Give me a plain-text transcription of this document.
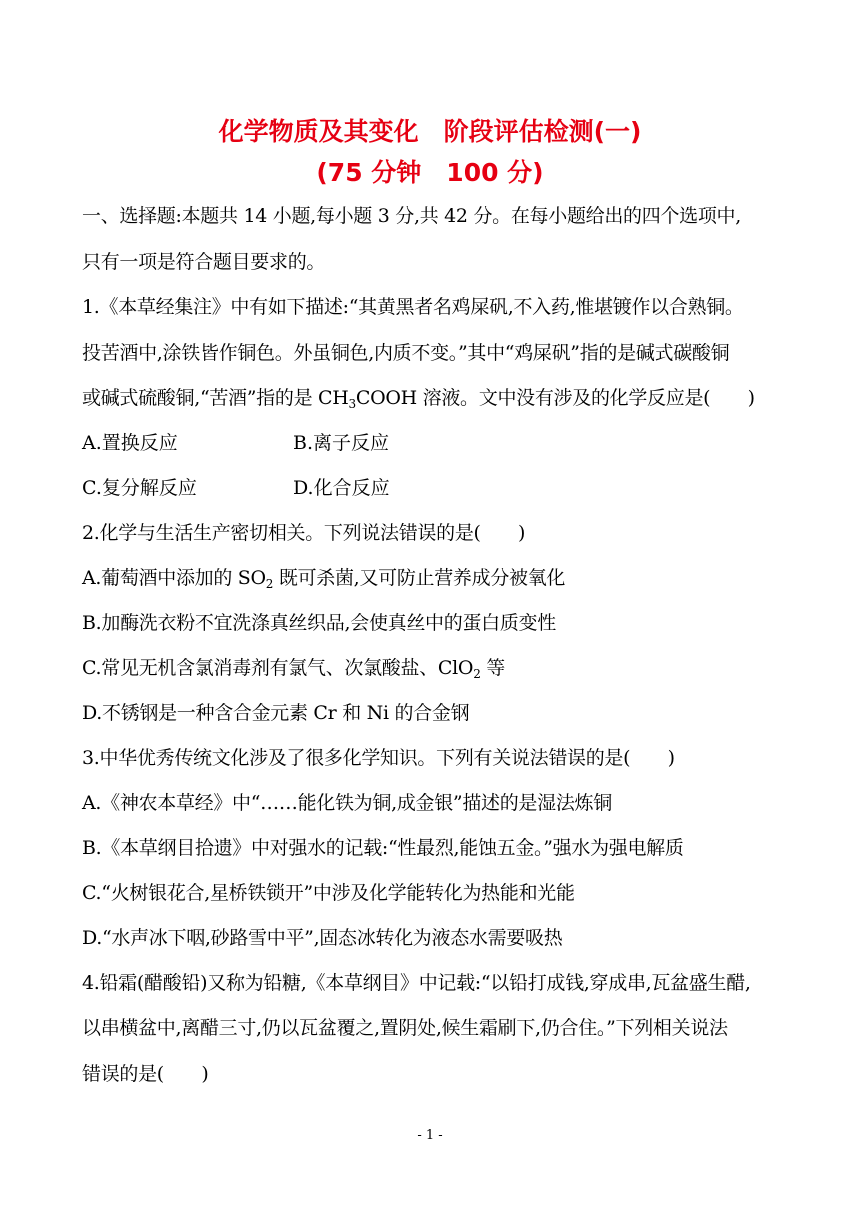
化学物质及其变化　阶段评估检测(一)
(75 分钟　100 分)
一、选择题:本题共 14 小题,每小题 3 分,共 42 分。在每小题给出的四个选项中,
只有一项是符合题目要求的。
1.《本草经集注》中有如下描述:“其黄黑者名鸡屎矾,不入药,惟堪镀作以合熟铜。
投苦酒中,涂铁皆作铜色。外虽铜色,内质不变。”其中“鸡屎矾”指的是碱式碳酸铜
或碱式硫酸铜,“苦酒”指的是 $CH_3COOH$ 溶液。文中没有涉及的化学反应是(　　)
A.置换反应	B.离子反应
C.复分解反应	D.化合反应
2.化学与生活生产密切相关。下列说法错误的是(　　)
A.葡萄酒中添加的 $SO_2$ 既可杀菌,又可防止营养成分被氧化
B.加酶洗衣粉不宜洗涤真丝织品,会使真丝中的蛋白质变性
C.常见无机含氯消毒剂有氯气、次氯酸盐、ClO$_2$ 等
D.不锈钢是一种含合金元素 Cr 和 Ni 的合金钢
3.中华优秀传统文化涉及了很多化学知识。下列有关说法错误的是(　　)
A.《神农本草经》中“……能化铁为铜,成金银”描述的是湿法炼铜
B.《本草纲目拾遗》中对强水的记载:“性最烈,能蚀五金。”强水为强电解质
C.“火树银花合,星桥铁锁开”中涉及化学能转化为热能和光能
D.“水声冰下咽,砂路雪中平”,固态冰转化为液态水需要吸热
4.铅霜(醋酸铅)又称为铅糖,《本草纲目》中记载:“以铅打成钱,穿成串,瓦盆盛生醋,
以串横盆中,离醋三寸,仍以瓦盆覆之,置阴处,候生霜刷下,仍合住。”下列相关说法
错误的是(　　)
- 1 -
